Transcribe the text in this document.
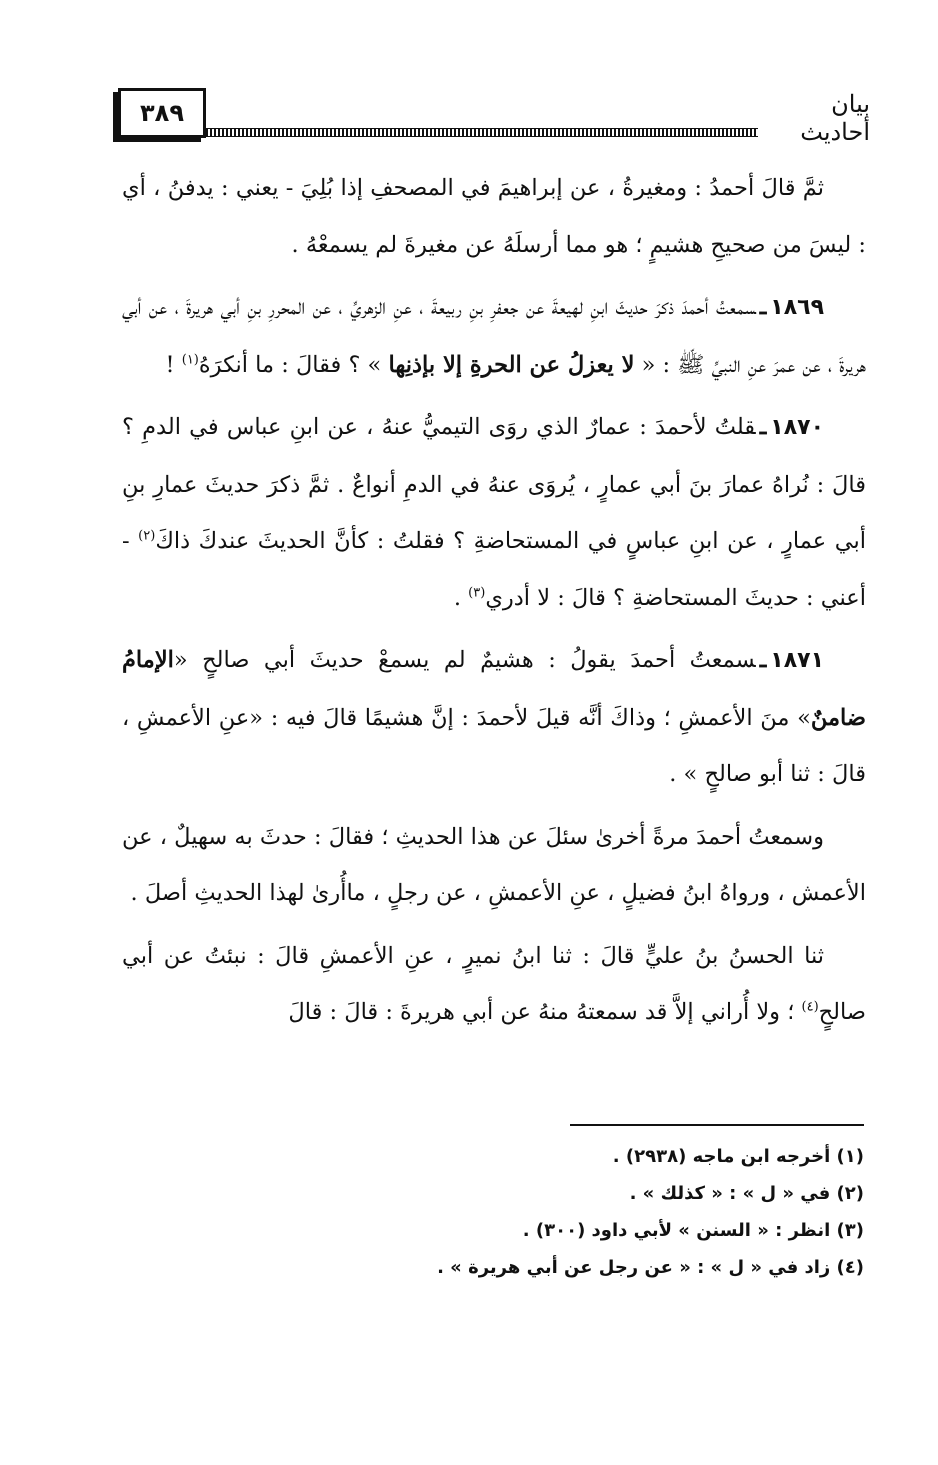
٣٨٩	بيان أحاديث

ثمَّ قالَ أحمدُ : ومغيرةُ ، عن إبراهيمَ في المصحفِ إذا بُلِيَ - يعني : يدفنُ ، أي : ليسَ من صحيحِ هشيمٍ ؛ هو مما أرسلَهُ عن مغيرةَ لم يسمعْهُ .

١٨٦٩ـسمعتُ أحمدَ ذكرَ حديثَ ابنِ لهيعةَ عن جعفرِ بنِ ربيعةَ ، عنِ الزهريِّ ، عن المحررِ بنِ أبي هريرةَ ، عن أبي هريرةَ ، عن عمرَ عنِ النبيِّ ﷺ : « لا يعزلُ عن الحرةِ إلا بإذنِها » ؟ فقالَ : ما أنكرَهُ$^{(١)}$ !

١٨٧٠ـقلتُ لأحمدَ : عمارٌ الذي روَى التيميُّ عنهُ ، عن ابنِ عباس في الدمِ ؟ قالَ : نُراهُ عمارَ بنَ أبي عمارٍ ، يُروَى عنهُ في الدمِ أنواعٌ . ثمَّ ذكرَ حديثَ عمارِ بنِ أبي عمارٍ ، عن ابنِ عباسٍ في المستحاضةِ ؟ فقلتُ : كأنَّ الحديثَ عندكَ ذاكَ$^{(٢)}$ - أعني : حديثَ المستحاضةِ ؟ قالَ : لا أدري$^{(٣)}$ .

١٨٧١ـسمعتُ أحمدَ يقولُ : هشيمٌ لم يسمعْ حديثَ أبي صالحٍ «الإمامُ ضامنٌ» منَ الأعمشِ ؛ وذاكَ أنَّه قيلَ لأحمدَ : إنَّ هشيمًا قالَ فيه : «عنِ الأعمشِ ، قالَ : ثنا أبو صالحٍ » .

وسمعتُ أحمدَ مرةً أخرىٰ سئلَ عن هذا الحديثِ ؛ فقالَ : حدثَ به سهيلٌ ، عن الأعمش ، ورواهُ ابنُ فضيلٍ ، عنِ الأعمشِ ، عن رجلٍ ، ماأُرىٰ لهذا الحديثِ أصلَ .

ثنا الحسنُ بنُ عليٍّ قالَ : ثنا ابنُ نميرٍ ، عنِ الأعمشِ قالَ : نبئتُ عن أبي صالحٍ$^{(٤)}$ ؛ ولا أُراني إلاَّ قد سمعتهُ منهُ عن أبي هريرةَ : قالَ : قالَ

(١) أخرجه ابن ماجه (٢٩٣٨) .

(٢) في « ل » : « كذلك » .

(٣) انظر : « السنن » لأبي داود (٣٠٠) .

(٤) زاد في « ل » : « عن رجل عن أبي هريرة » .
